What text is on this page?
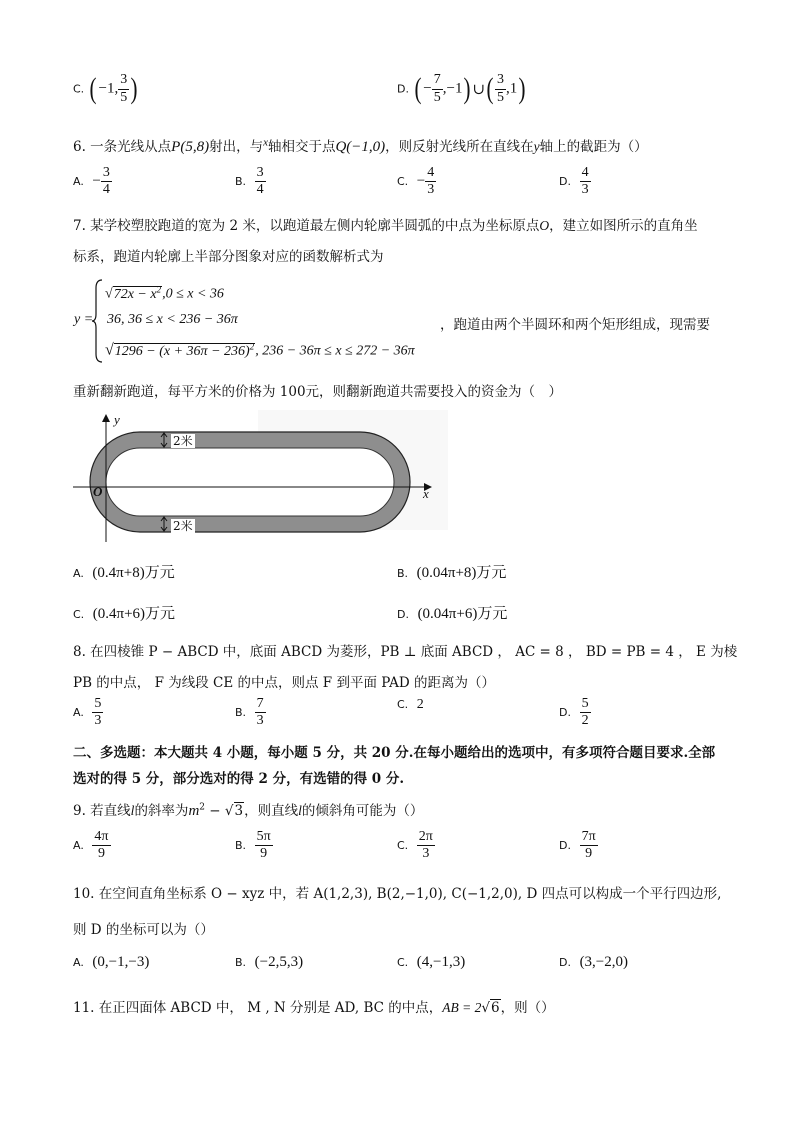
C. ( −1, $\frac{3}{5}$ )	D. ( − $\frac{7}{5} ,-1$) ∪( $\frac{3}{5} ,1$)
6. 一条光线从点P(5,8)射出，与$^x$轴相交于点Q(−1,0)，则反射光线所在直线在y轴上的截距为（）
A. − $\frac{3}{4}$	B. $\frac{3}{4}$	C. − $\frac{4}{3}$	D. $\frac{4}{3}$
7. 某学校塑胶跑道的宽为 2 米，以跑道最左侧内轮廓半圆弧的中点为坐标原点O，建立如图所示的直角坐
标系，跑道内轮廓上半部分图象对应的函数解析式为
y =
$√72x - x^2,0 \le x < 36$
36, 36 ≤ x < 236 − 36π
$√1296 - (x + 36\pi - 236)^2$, 236 − 36π ≤ x ≤ 272 − 36π
，跑道由两个半圆环和两个矩形组成，现需要
重新翻新跑道，每平方米的价格为 100元，则翻新跑道共需要投入的资金为（　）
y
x
O
2米
2米
A. (0.4π+8)万元	B. (0.04π+8)万元
C. (0.4π+6)万元	D. (0.04π+6)万元
8. 在四棱锥 P − ABCD 中，底面 ABCD 为菱形，PB ⊥ 底面 ABCD ， AC = 8 ， BD = PB = 4 ， E 为棱
PB 的中点， F 为线段 CE 的中点，则点 F 到平面 PAD 的距离为（）
A. $\frac{5}{3}$	B. $\frac{7}{3}$	C. 2
D. $\frac{5}{2}$
二、多选题：本大题共 4 小题，每小题 5 分，共 20 分.在每小题给出的选项中，有多项符合题目要求.全部
选对的得 5 分，部分选对的得 2 分，有选错的得 0 分.
9. 若直线l的斜率为$m^2 - √3$，则直线l的倾斜角可能为（）
A. $\frac{4\pi}{9}$	B. $\frac{5\pi}{9}$	C. $\frac{2\pi}{3}$	D. $\frac{7\pi}{9}$
10. 在空间直角坐标系 O − xyz 中，若 A(1,2,3), B(2,−1,0), C(−1,2,0), D 四点可以构成一个平行四边形,
则 D 的坐标可以为（）
A. (0,−1,−3)	B. (−2,5,3)	C. (4,−1,3)	D. (3,−2,0)
11. 在正四面体 ABCD 中， M , N 分别是 AD, BC 的中点，AB = 2√6，则（）
